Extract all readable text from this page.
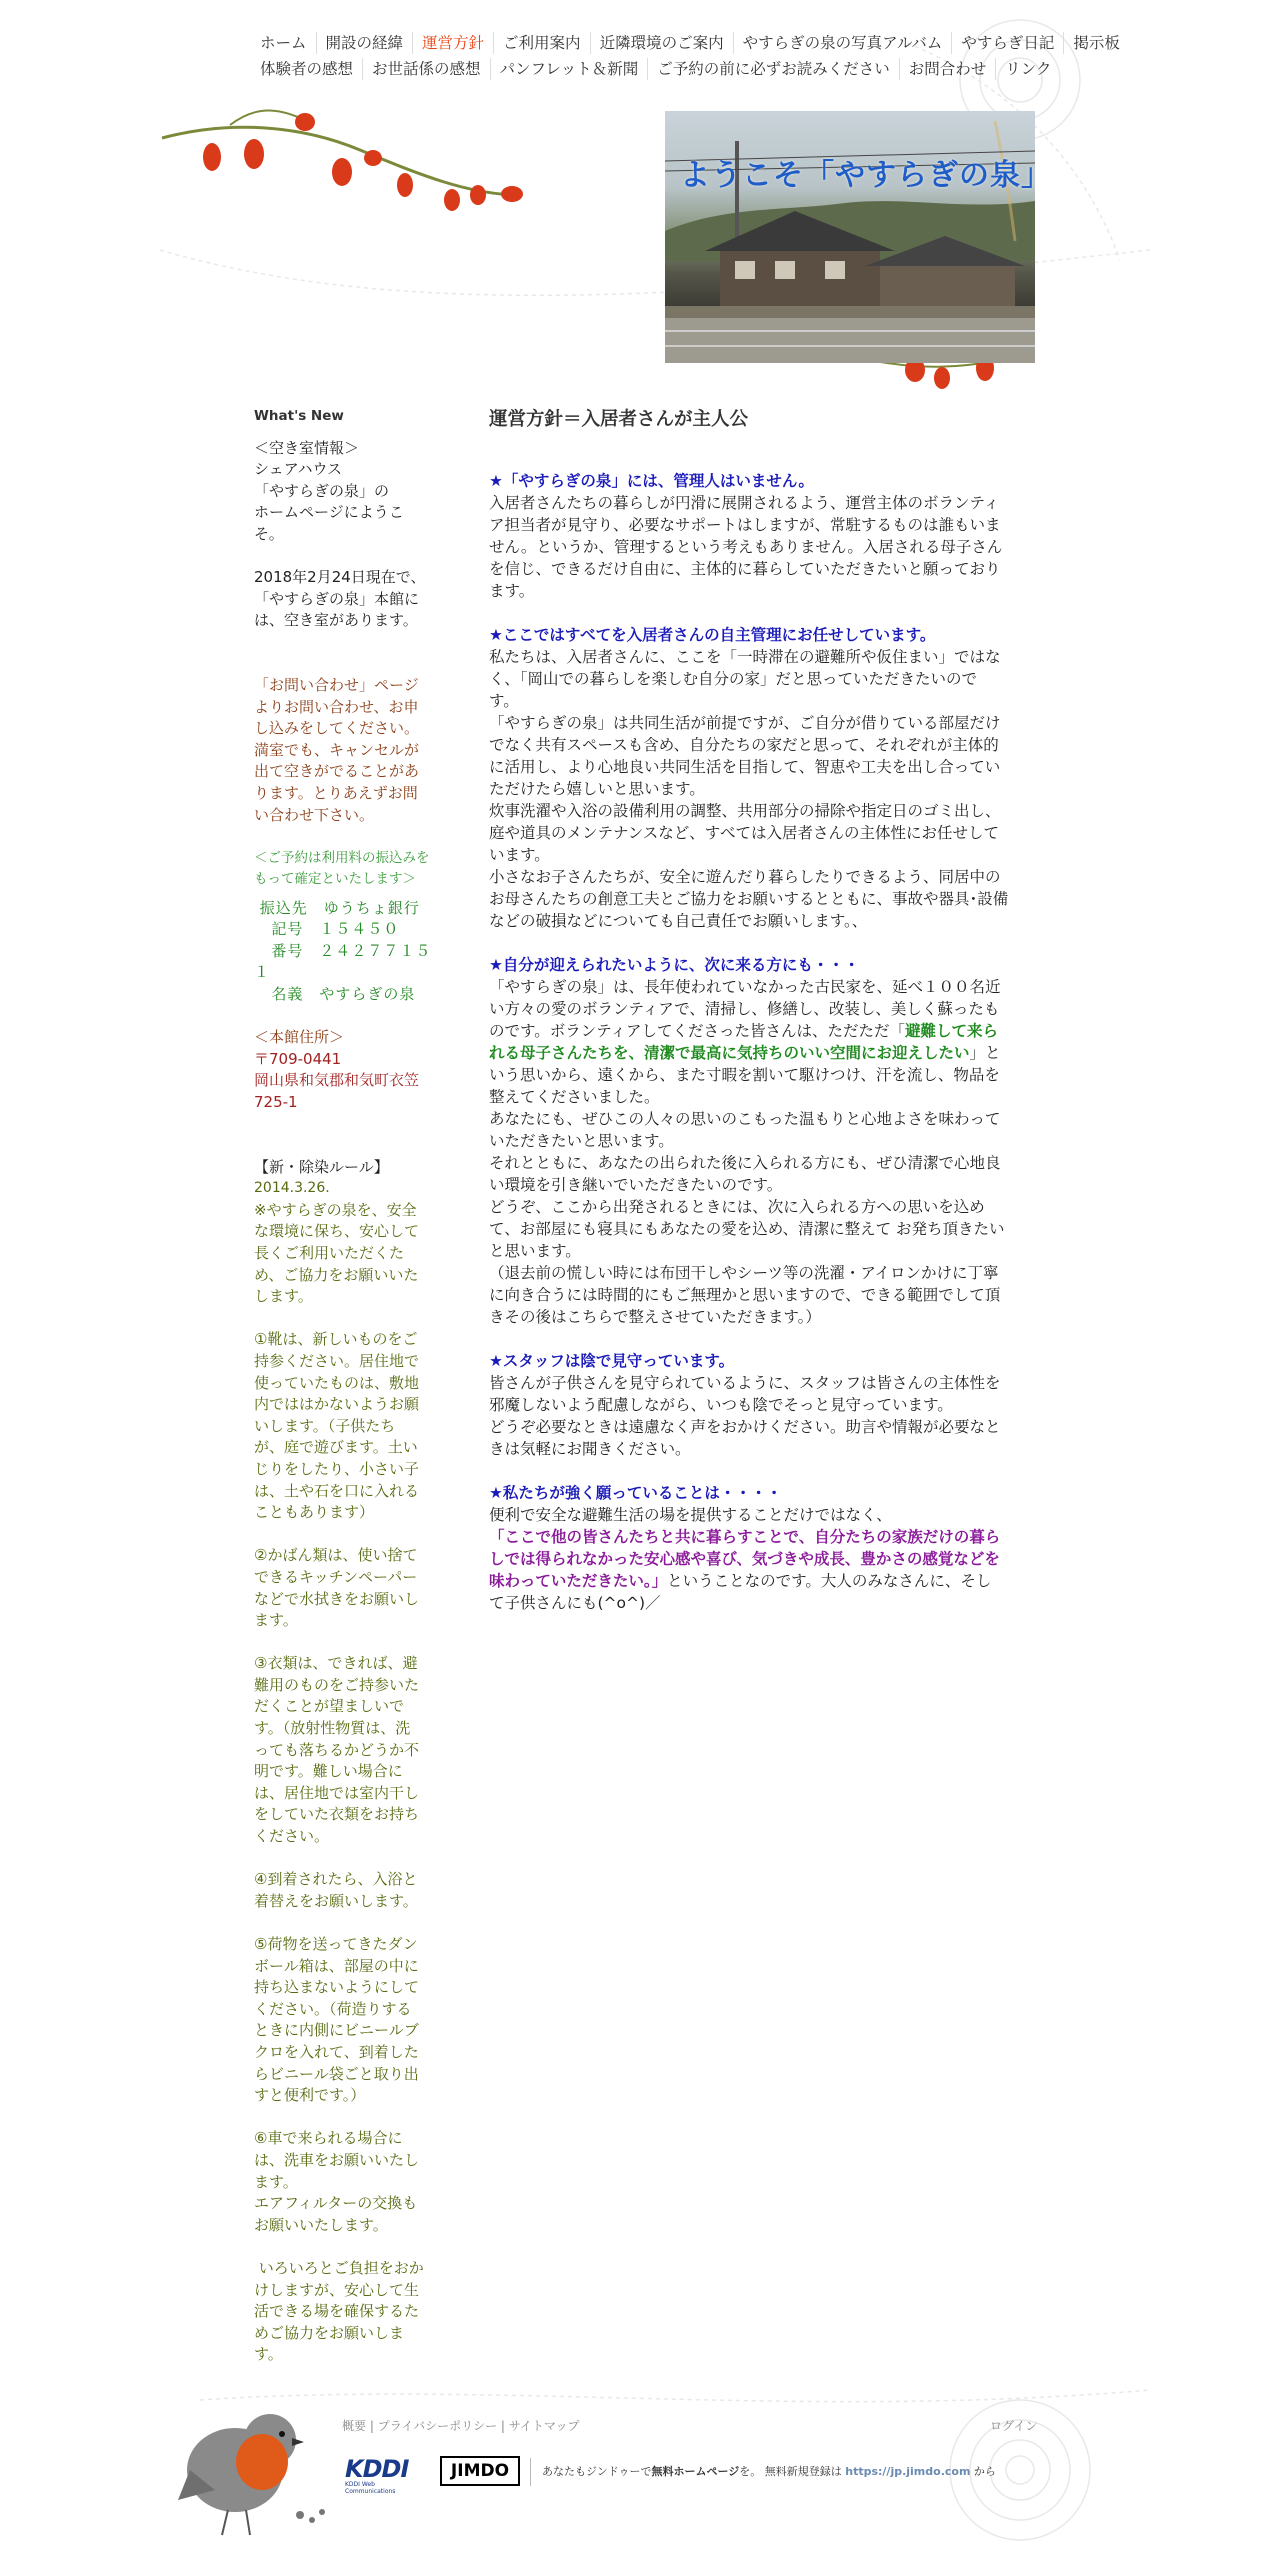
ホーム	開設の経緯	運営方針	ご利用案内	近隣環境のご案内	やすらぎの泉の写真アルバム	やすらぎ日記	掲示板
体験者の感想	お世話係の感想	パンフレット＆新聞	ご予約の前に必ずお読みください	お問合わせ	リンク
ようこそ「やすらぎの泉」
What's New
＜空き室情報＞
シェアハウス
「やすらぎの泉」の
ホームページにようこ
そ。
2018年2月24日現在で、
「やすらぎの泉」本館に
は、空き室があります。
「お問い合わせ」ページ
よりお問い合わせ、お申
し込みをしてください。
満室でも、キャンセルが
出て空きがでることがあ
ります。とりあえずお問
い合わせ下さい。
＜ご予約は利用料の振込みを
もって確定といたします＞
振込先　ゆうちょ銀行
記号　１５４５０
番号　２４２７７１５
１
名義　やすらぎの泉
＜本館住所＞
〒709-0441
岡山県和気郡和気町衣笠
725-1
【新・除染ルール】
2014.3.26.
※やすらぎの泉を、安全
な環境に保ち、安心して
長くご利用いただくた
め、ご協力をお願いいた
します。
①靴は、新しいものをご
持参ください。居住地で
使っていたものは、敷地
内でははかないようお願
いします。（子供たち
が、庭で遊びます。土い
じりをしたり、小さい子
は、土や石を口に入れる
こともあります）
②かばん類は、使い捨て
できるキッチンペーパー
などで水拭きをお願いし
ます。
③衣類は、できれば、避
難用のものをご持参いた
だくことが望ましいで
す。（放射性物質は、洗
っても落ちるかどうか不
明です。難しい場合に
は、居住地では室内干し
をしていた衣類をお持ち
ください。
④到着されたら、入浴と
着替えをお願いします。
⑤荷物を送ってきたダン
ボール箱は、部屋の中に
持ち込まないようにして
ください。（荷造りする
ときに内側にビニールブ
クロを入れて、到着した
らビニール袋ごと取り出
すと便利です。）
⑥車で来られる場合に
は、洗車をお願いいたし
ます。
エアフィルターの交換も
お願いいたします。
いろいろとご負担をおか
けしますが、安心して生
活できる場を確保するた
めご協力をお願いしま
す。
運営方針＝入居者さんが主人公
★「やすらぎの泉」には、管理人はいません。
入居者さんたちの暮らしが円滑に展開されるよう、運営主体のボランティ
ア担当者が見守り、必要なサポートはしますが、常駐するものは誰もいま
せん。というか、管理するという考えもありません。入居される母子さん
を信じ、できるだけ自由に、主体的に暮らしていただきたいと願っており
ます。
★ここではすべてを入居者さんの自主管理にお任せしています。
私たちは、入居者さんに、ここを「一時滞在の避難所や仮住まい」ではな
く、「岡山での暮らしを楽しむ自分の家」だと思っていただきたいので
す。
「やすらぎの泉」は共同生活が前提ですが、ご自分が借りている部屋だけ
でなく共有スペースも含め、自分たちの家だと思って、それぞれが主体的
に活用し、より心地良い共同生活を目指して、智恵や工夫を出し合ってい
ただけたら嬉しいと思います。
炊事洗濯や入浴の設備利用の調整、共用部分の掃除や指定日のゴミ出し、
庭や道具のメンテナンスなど、すべては入居者さんの主体性にお任せして
います。
小さなお子さんたちが、安全に遊んだり暮らしたりできるよう、同居中の
お母さんたちの創意工夫とご協力をお願いするとともに、事故や器具･設備
などの破損などについても自己責任でお願いします。、
★自分が迎えられたいように、次に来る方にも・・・
「やすらぎの泉」は、長年使われていなかった古民家を、延べ１００名近
い方々の愛のボランティアで、清掃し、修繕し、改装し、美しく蘇ったも
のです。ボランティアしてくださった皆さんは、ただただ「避難して来ら
れる母子さんたちを、清潔で最高に気持ちのいい空間にお迎えしたい」と
いう思いから、遠くから、また寸暇を割いて駆けつけ、汗を流し、物品を
整えてくださいました。
あなたにも、ぜひこの人々の思いのこもった温もりと心地よさを味わって
いただきたいと思います。
それとともに、あなたの出られた後に入られる方にも、ぜひ清潔で心地良
い環境を引き継いでいただきたいのです。
どうぞ、ここから出発されるときには、次に入られる方への思いを込め
て、お部屋にも寝具にもあなたの愛を込め、清潔に整えて お発ち頂きたい
と思います。
（退去前の慌しい時には布団干しやシーツ等の洗濯・アイロンかけに丁寧
に向き合うには時間的にもご無理かと思いますので、できる範囲でして頂
きその後はこちらで整えさせていただきます。）
★スタッフは陰で見守っています。
皆さんが子供さんを見守られているように、スタッフは皆さんの主体性を
邪魔しないよう配慮しながら、いつも陰でそっと見守っています。
どうぞ必要なときは遠慮なく声をおかけください。助言や情報が必要なと
きは気軽にお聞きください。
★私たちが強く願っていることは・・・・
便利で安全な避難生活の場を提供することだけではなく、
「ここで他の皆さんたちと共に暮らすことで、自分たちの家族だけの暮ら
しでは得られなかった安心感や喜び、気づきや成長、豊かさの感覚などを
味わっていただきたい。」ということなのです。大人のみなさんに、そし
て子供さんにも(^o^)／
概要 | プライバシーポリシー | サイトマップ	ログイン
KDDI
KDDI Web Communications
JIMDO	あなたもジンドゥーで無料ホームページを。 無料新規登録は https://jp.jimdo.com から
